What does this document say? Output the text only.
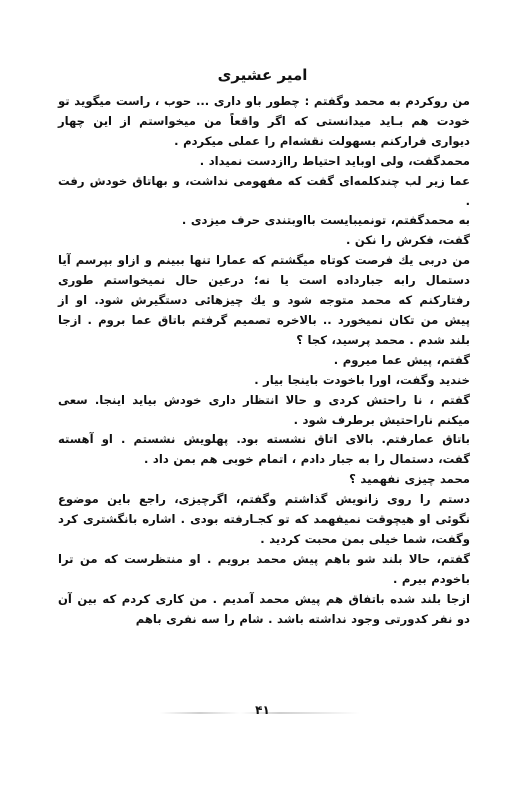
امیر عشیری

من روکردم به محمد وگفتم : چطور باو داری ... حوب ، راست میگوید تو خودت هم بـاید میدانستی که اگر واقعاً من میخواستم از این چهار دیواری فرارکنم بسهولت نقشه‌ام را عملی میکردم .

محمدگفت، ولی اوباید احتیاط راازدست نمیداد .

عما زیر لب چندکلمه‌ای گفت که مفهومی نداشت، و بهاتاق خودش رفت .

به محمدگفتم، تونمیبایست بااوبتندی حرف میزدی .

گفت، فکرش را نکن .

من دربی یك فرصت کوتاه میگشتم که عمارا تنها ببینم و ازاو بپرسم آیا دستمال رابه جبارداده است یا نه؛ درعین حال نمیخواستم طوری رفتارکنم که محمد متوجه شود و یك چیزهائی دستگیرش شود. او از پیش من تکان نمیخورد .. بالاخره تصمیم گرفتم باتاق عما بروم . ازجا بلند شدم . محمد پرسید، کجا ؟

گفتم، پیش عما میروم .

خندید وگفت، اورا باخودت باینجا بیار .

گفتم ، نا راحتش کردی و حالا انتظار داری خودش بیاید اینجا. سعی میکنم ناراحتیش برطرف شود .

باتاق عمارفتم. بالای اتاق نشسته بود. پهلویش نشستم . او آهسته گفت، دستمال را به جبار دادم ، اتمام خوبی هم بمن داد .

محمد چیزی نفهمید ؟

دستم را روی زانویش گذاشتم وگفتم، اگرچیزی، راجع باین موضوع نگوئی او هیچوقت نمیفهمد که تو کجـارفته بودی . اشاره بانگشتری کرد وگفت، شما خیلی بمن محبت کردید .

گفتم، حالا بلند شو باهم پیش محمد برویم . او منتظرست که من ترا باخودم بیرم .

ازجا بلند شده باتفاق هم پیش محمد آمدیم . من کاری کردم که بین آن دو نفر کدورتی وجود نداشته باشد . شام را سه نفری باهم

۴۱
